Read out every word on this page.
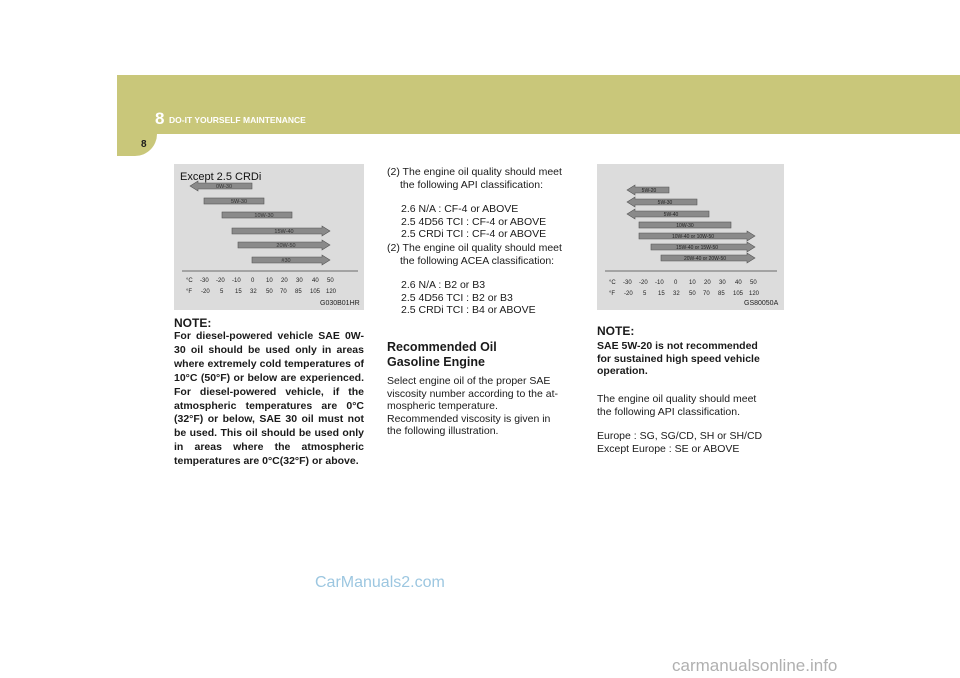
8 DO-IT YOURSELF MAINTENANCE
8
Except 2.5 CRDi
0W-30
5W-30
10W-30
15W-40
20W-50
#30
°C -30 -20 -10 0 10 20 30 40 50
°F -20 5 15 32 50 70 85 105 120
G030B01HR
NOTE:
For diesel-powered vehicle SAE 0W-30 oil should be used only in areas where extremely cold temperatures of 10°C (50°F) or below are experienced. For diesel-powered vehicle, if the atmospheric temperatures are 0°C (32°F) or below, SAE 30 oil must not be used. This oil should be used only in areas where the atmospheric temperatures are 0°C(32°F) or above.
(2) The engine oil quality should meet
the following API classification:
2.6 N/A : CF-4 or ABOVE
2.5 4D56 TCI : CF-4 or ABOVE
2.5 CRDi TCI : CF-4 or ABOVE
(2) The engine oil quality should meet
the following ACEA classification:
2.6 N/A : B2 or B3
2.5 4D56 TCI : B2 or B3
2.5 CRDi TCI : B4 or ABOVE
Recommended Oil
Gasoline Engine
Select engine oil of the proper SAE
viscosity number according to the at-
mospheric temperature.
Recommended viscosity is given in
the following illustration.
5W-20
5W-30
5W-40
10W-30
10W-40 or 10W-50
15W-40 or 15W-50
20W-40 or 20W-50
°C -30 -20 -10 0 10 20 30 40 50
°F -20 5 15 32 50 70 85 105 120
GS80050A
NOTE:
SAE 5W-20 is not recommended
for sustained high speed vehicle
operation.
The engine oil quality should meet
the following API classification.
Europe : SG, SG/CD, SH or SH/CD
Except Europe : SE or ABOVE
CarManuals2.com
carmanualsonline.info
